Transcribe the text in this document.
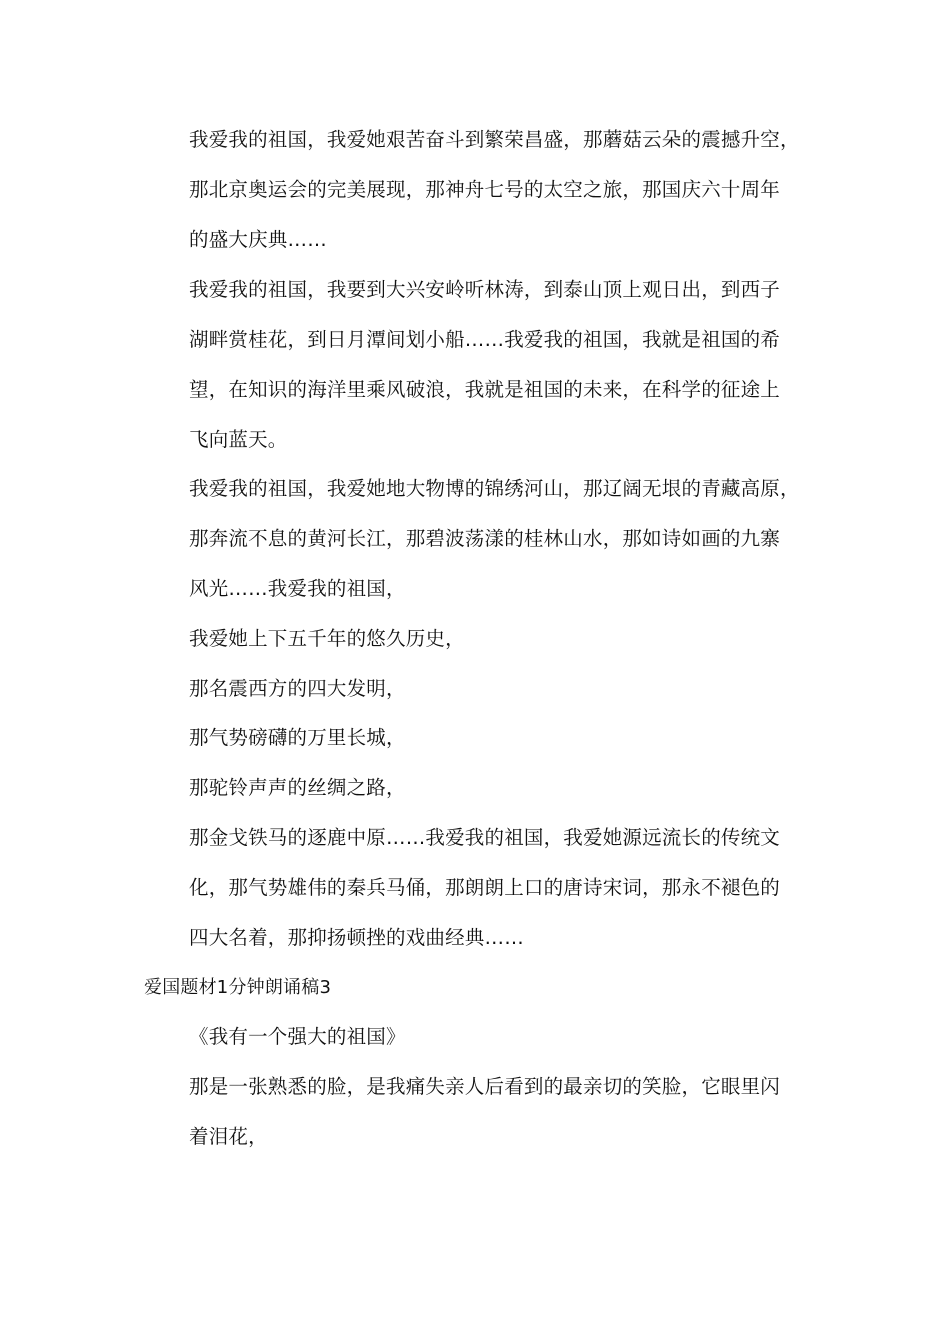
我爱我的祖国，我爱她艰苦奋斗到繁荣昌盛，那蘑菇云朵的震撼升空，
那北京奥运会的完美展现，那神舟七号的太空之旅，那国庆六十周年
的盛大庆典……
我爱我的祖国，我要到大兴安岭听林涛，到泰山顶上观日出，到西子
湖畔赏桂花，到日月潭间划小船……我爱我的祖国，我就是祖国的希
望，在知识的海洋里乘风破浪，我就是祖国的未来，在科学的征途上
飞向蓝天。
我爱我的祖国，我爱她地大物博的锦绣河山，那辽阔无垠的青藏高原，
那奔流不息的黄河长江，那碧波荡漾的桂林山水，那如诗如画的九寨
风光……我爱我的祖国，
我爱她上下五千年的悠久历史，
那名震西方的四大发明，
那气势磅礴的万里长城，
那驼铃声声的丝绸之路，
那金戈铁马的逐鹿中原……我爱我的祖国，我爱她源远流长的传统文
化，那气势雄伟的秦兵马俑，那朗朗上口的唐诗宋词，那永不褪色的
四大名着，那抑扬顿挫的戏曲经典……
爱国题材1分钟朗诵稿3
《我有一个强大的祖国》
那是一张熟悉的脸，是我痛失亲人后看到的最亲切的笑脸，它眼里闪
着泪花，
